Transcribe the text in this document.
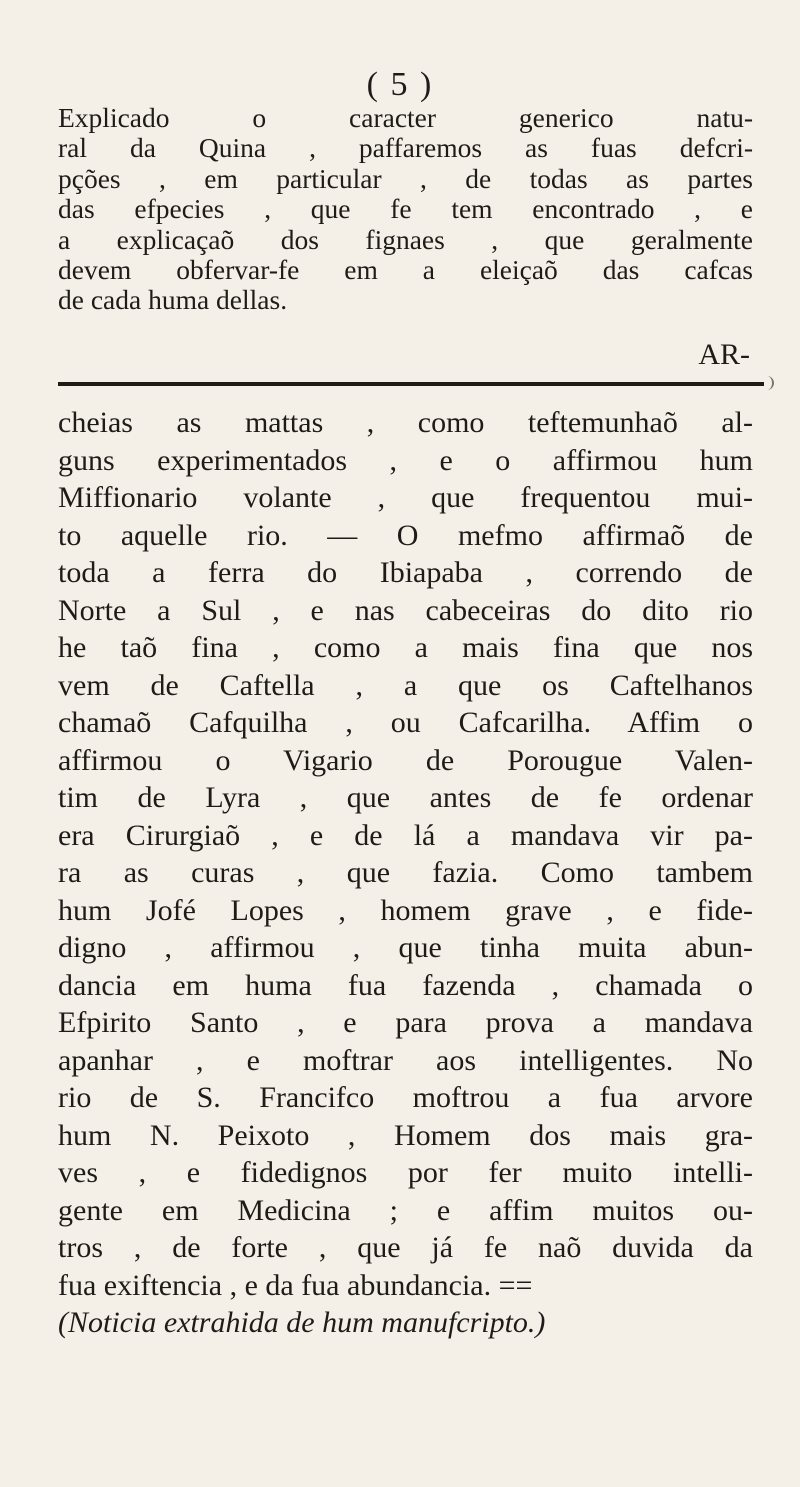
( 5 )
Explicado o caracter generico natu-
ral da Quina , paffaremos as fuas defcri-
pções , em particular , de todas as partes
das efpecies , que fe tem encontrado , e
a explicaçaõ dos fignaes , que geralmente
devem obfervar-fe em a eleiçaõ das cafcas
de cada huma dellas.
AR-
cheias as mattas , como teftemunhaõ al-
guns experimentados , e o affirmou hum
Miffionario volante , que frequentou mui-
to aquelle rio. — O mefmo affirmaõ de
toda a ferra do Ibiapaba , correndo de
Norte a Sul , e nas cabeceiras do dito rio
he taõ fina , como a mais fina que nos
vem de Caftella , a que os Caftelhanos
chamaõ Cafquilha , ou Cafcarilha. Affim o
affirmou o Vigario de Porougue Valen-
tim de Lyra , que antes de fe ordenar
era Cirurgiaõ , e de lá a mandava vir pa-
ra as curas , que fazia. Como tambem
hum Jofé Lopes , homem grave , e fide-
digno , affirmou , que tinha muita abun-
dancia em huma fua fazenda , chamada o
Efpirito Santo , e para prova a mandava
apanhar , e moftrar aos intelligentes. No
rio de S. Francifco moftrou a fua arvore
hum N. Peixoto , Homem dos mais gra-
ves , e fidedignos por fer muito intelli-
gente em Medicina ; e affim muitos ou-
tros , de forte , que já fe naõ duvida da
fua exiftencia , e da fua abundancia. ==
(Noticia extrahida de hum manufcripto.)
